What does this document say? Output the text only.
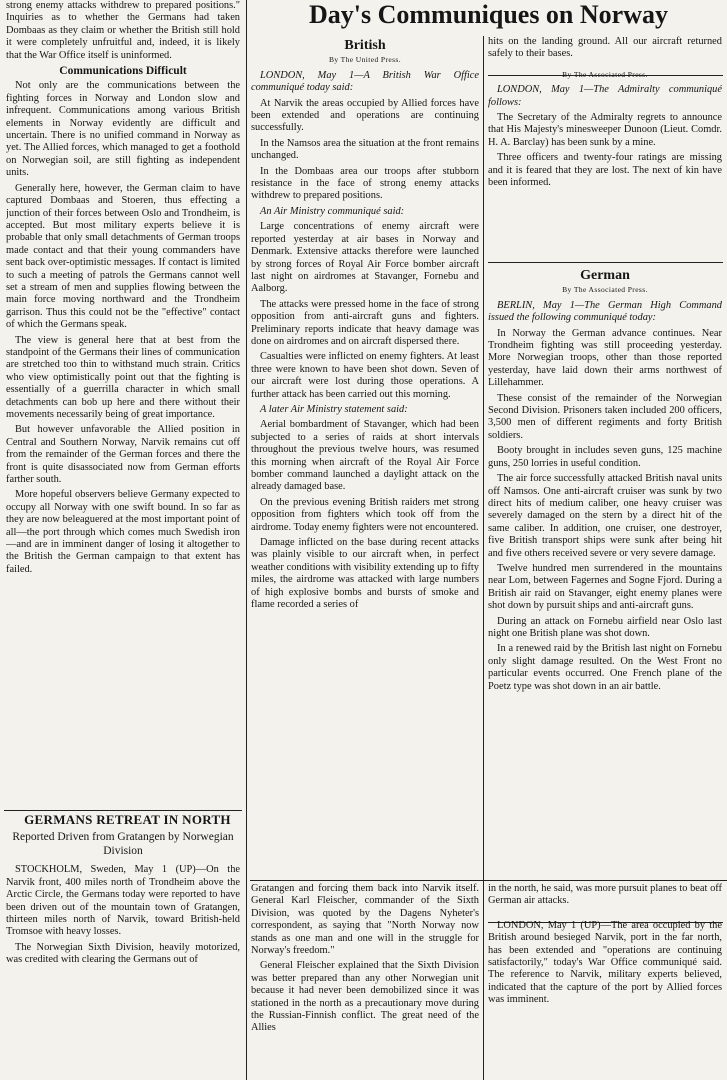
Day's Communiques on Norway

strong enemy attacks withdrew to prepared positions." Inquiries as to whether the Germans had taken Dombaas as they claim or whether the British still hold it were completely unfruitful and, indeed, it is likely that the War Office itself is uninformed.

Communications Difficult

Not only are the communications between the fighting forces in Norway and London slow and infrequent. Communications among various British elements in Norway evidently are difficult and uncertain. There is no unified command in Norway as yet. The Allied forces, which managed to get a foothold on Norwegian soil, are still fighting as independent units.

Generally here, however, the German claim to have captured Dombaas and Stoeren, thus effecting a junction of their forces between Oslo and Trondheim, is accepted. But most military experts believe it is probable that only small detachments of German troops made contact and that their young commanders have sent back over-optimistic messages. If contact is limited to such a meeting of patrols the Germans cannot well set a stream of men and supplies flowing between the main force moving northward and the Trondheim garrison. Thus this could not be the "effective" contact of which the Germans speak.

The view is general here that at best from the standpoint of the Germans their lines of communication are stretched too thin to withstand much strain. Critics who view optimistically point out that the fighting is essentially of a guerrilla character in which small detachments can bob up here and there without their movements necessarily being of great importance.

But however unfavorable the Allied position in Central and Southern Norway, Narvik remains cut off from the remainder of the German forces and there the front is quite disassociated now from German efforts farther south.

More hopeful observers believe Germany expected to occupy all Norway with one swift bound. In so far as they are now beleaguered at the most important point of all—the port through which comes much Swedish iron—and are in imminent danger of losing it altogether to the British the German campaign to that extent has failed.

GERMANS RETREAT IN NORTH

Reported Driven from Gratangen by Norwegian Division

STOCKHOLM, Sweden, May 1 (UP)—On the Narvik front, 400 miles north of Trondheim above the Arctic Circle, the Germans today were reported to have been driven out of the mountain town of Gratangen, thirteen miles north of Narvik, toward British-held Tromsoe with heavy losses.

The Norwegian Sixth Division, heavily motorized, was credited with clearing the Germans out of

British

By The United Press.

LONDON, May 1—A British War Office communiqué today said:

At Narvik the areas occupied by Allied forces have been extended and operations are continuing successfully.

In the Namsos area the situation at the front remains unchanged.

In the Dombaas area our troops after stubborn resistance in the face of strong enemy attacks withdrew to prepared positions.

An Air Ministry communiqué said:

Large concentrations of enemy aircraft were reported yesterday at air bases in Norway and Denmark. Extensive attacks therefore were launched by strong forces of Royal Air Force bomber aircraft last night on airdromes at Stavanger, Fornebu and Aalborg.

The attacks were pressed home in the face of strong opposition from anti-aircraft guns and fighters. Preliminary reports indicate that heavy damage was done on airdromes and on aircraft dispersed there.

Casualties were inflicted on enemy fighters. At least three were known to have been shot down. Seven of our aircraft were lost during those operations. A further attack has been carried out this morning.

A later Air Ministry statement said:

Aerial bombardment of Stavanger, which had been subjected to a series of raids at short intervals throughout the previous twelve hours, was resumed this morning when aircraft of the Royal Air Force bomber command launched a daylight attack on the already damaged base.

On the previous evening British raiders met strong opposition from fighters which took off from the airdrome. Today enemy fighters were not encountered.

Damage inflicted on the base during recent attacks was plainly visible to our aircraft when, in perfect weather conditions with visibility extending up to fifty miles, the airdrome was attacked with large numbers of high explosive bombs and bursts of smoke and flame recorded a series of

Gratangen and forcing them back into Narvik itself. General Karl Fleischer, commander of the Sixth Division, was quoted by the Dagens Nyheter's correspondent, as saying that "North Norway now stands as one man and one will in the struggle for Norway's freedom."

General Fleischer explained that the Sixth Division was better prepared than any other Norwegian unit because it had never been demobilized since it was stationed in the north as a precautionary move during the Russian-Finnish conflict. The great need of the Allies

hits on the landing ground. All our aircraft returned safely to their bases.

By The Associated Press.

LONDON, May 1—The Admiralty communiqué follows:

The Secretary of the Admiralty regrets to announce that His Majesty's minesweeper Dunoon (Lieut. Comdr. H. A. Barclay) has been sunk by a mine.

Three officers and twenty-four ratings are missing and it is feared that they are lost. The next of kin have been informed.

German

By The Associated Press.

BERLIN, May 1—The German High Command issued the following communiqué today:

In Norway the German advance continues. Near Trondheim fighting was still proceeding yesterday. More Norwegian troops, other than those reported yesterday, have laid down their arms northwest of Lillehammer.

These consist of the remainder of the Norwegian Second Division. Prisoners taken included 200 officers, 3,500 men of different regiments and forty British soldiers.

Booty brought in includes seven guns, 125 machine guns, 250 lorries in useful condition.

The air force successfully attacked British naval units off Namsos. One anti-aircraft cruiser was sunk by two direct hits of medium caliber, one heavy cruiser was severely damaged on the stern by a direct hit of the same caliber. In addition, one cruiser, one destroyer, five British transport ships were sunk after being hit and five others received severe or very severe damage.

Twelve hundred men surrendered in the mountains near Lom, between Fagernes and Sogne Fjord. During a British air raid on Stavanger, eight enemy planes were shot down by pursuit ships and anti-aircraft guns.

During an attack on Fornebu airfield near Oslo last night one British plane was shot down.

In a renewed raid by the British last night on Fornebu only slight damage resulted. On the West Front no particular events occurred. One French plane of the Poetz type was shot down in an air battle.

in the north, he said, was more pursuit planes to beat off German air attacks.

LONDON, May 1 (UP)—The area occupied by the British around besieged Narvik, port in the far north, has been extended and "operations are continuing satisfactorily," today's War Office communiqué said. The reference to Narvik, military experts believed, indicated that the capture of the port by Allied forces was imminent.
